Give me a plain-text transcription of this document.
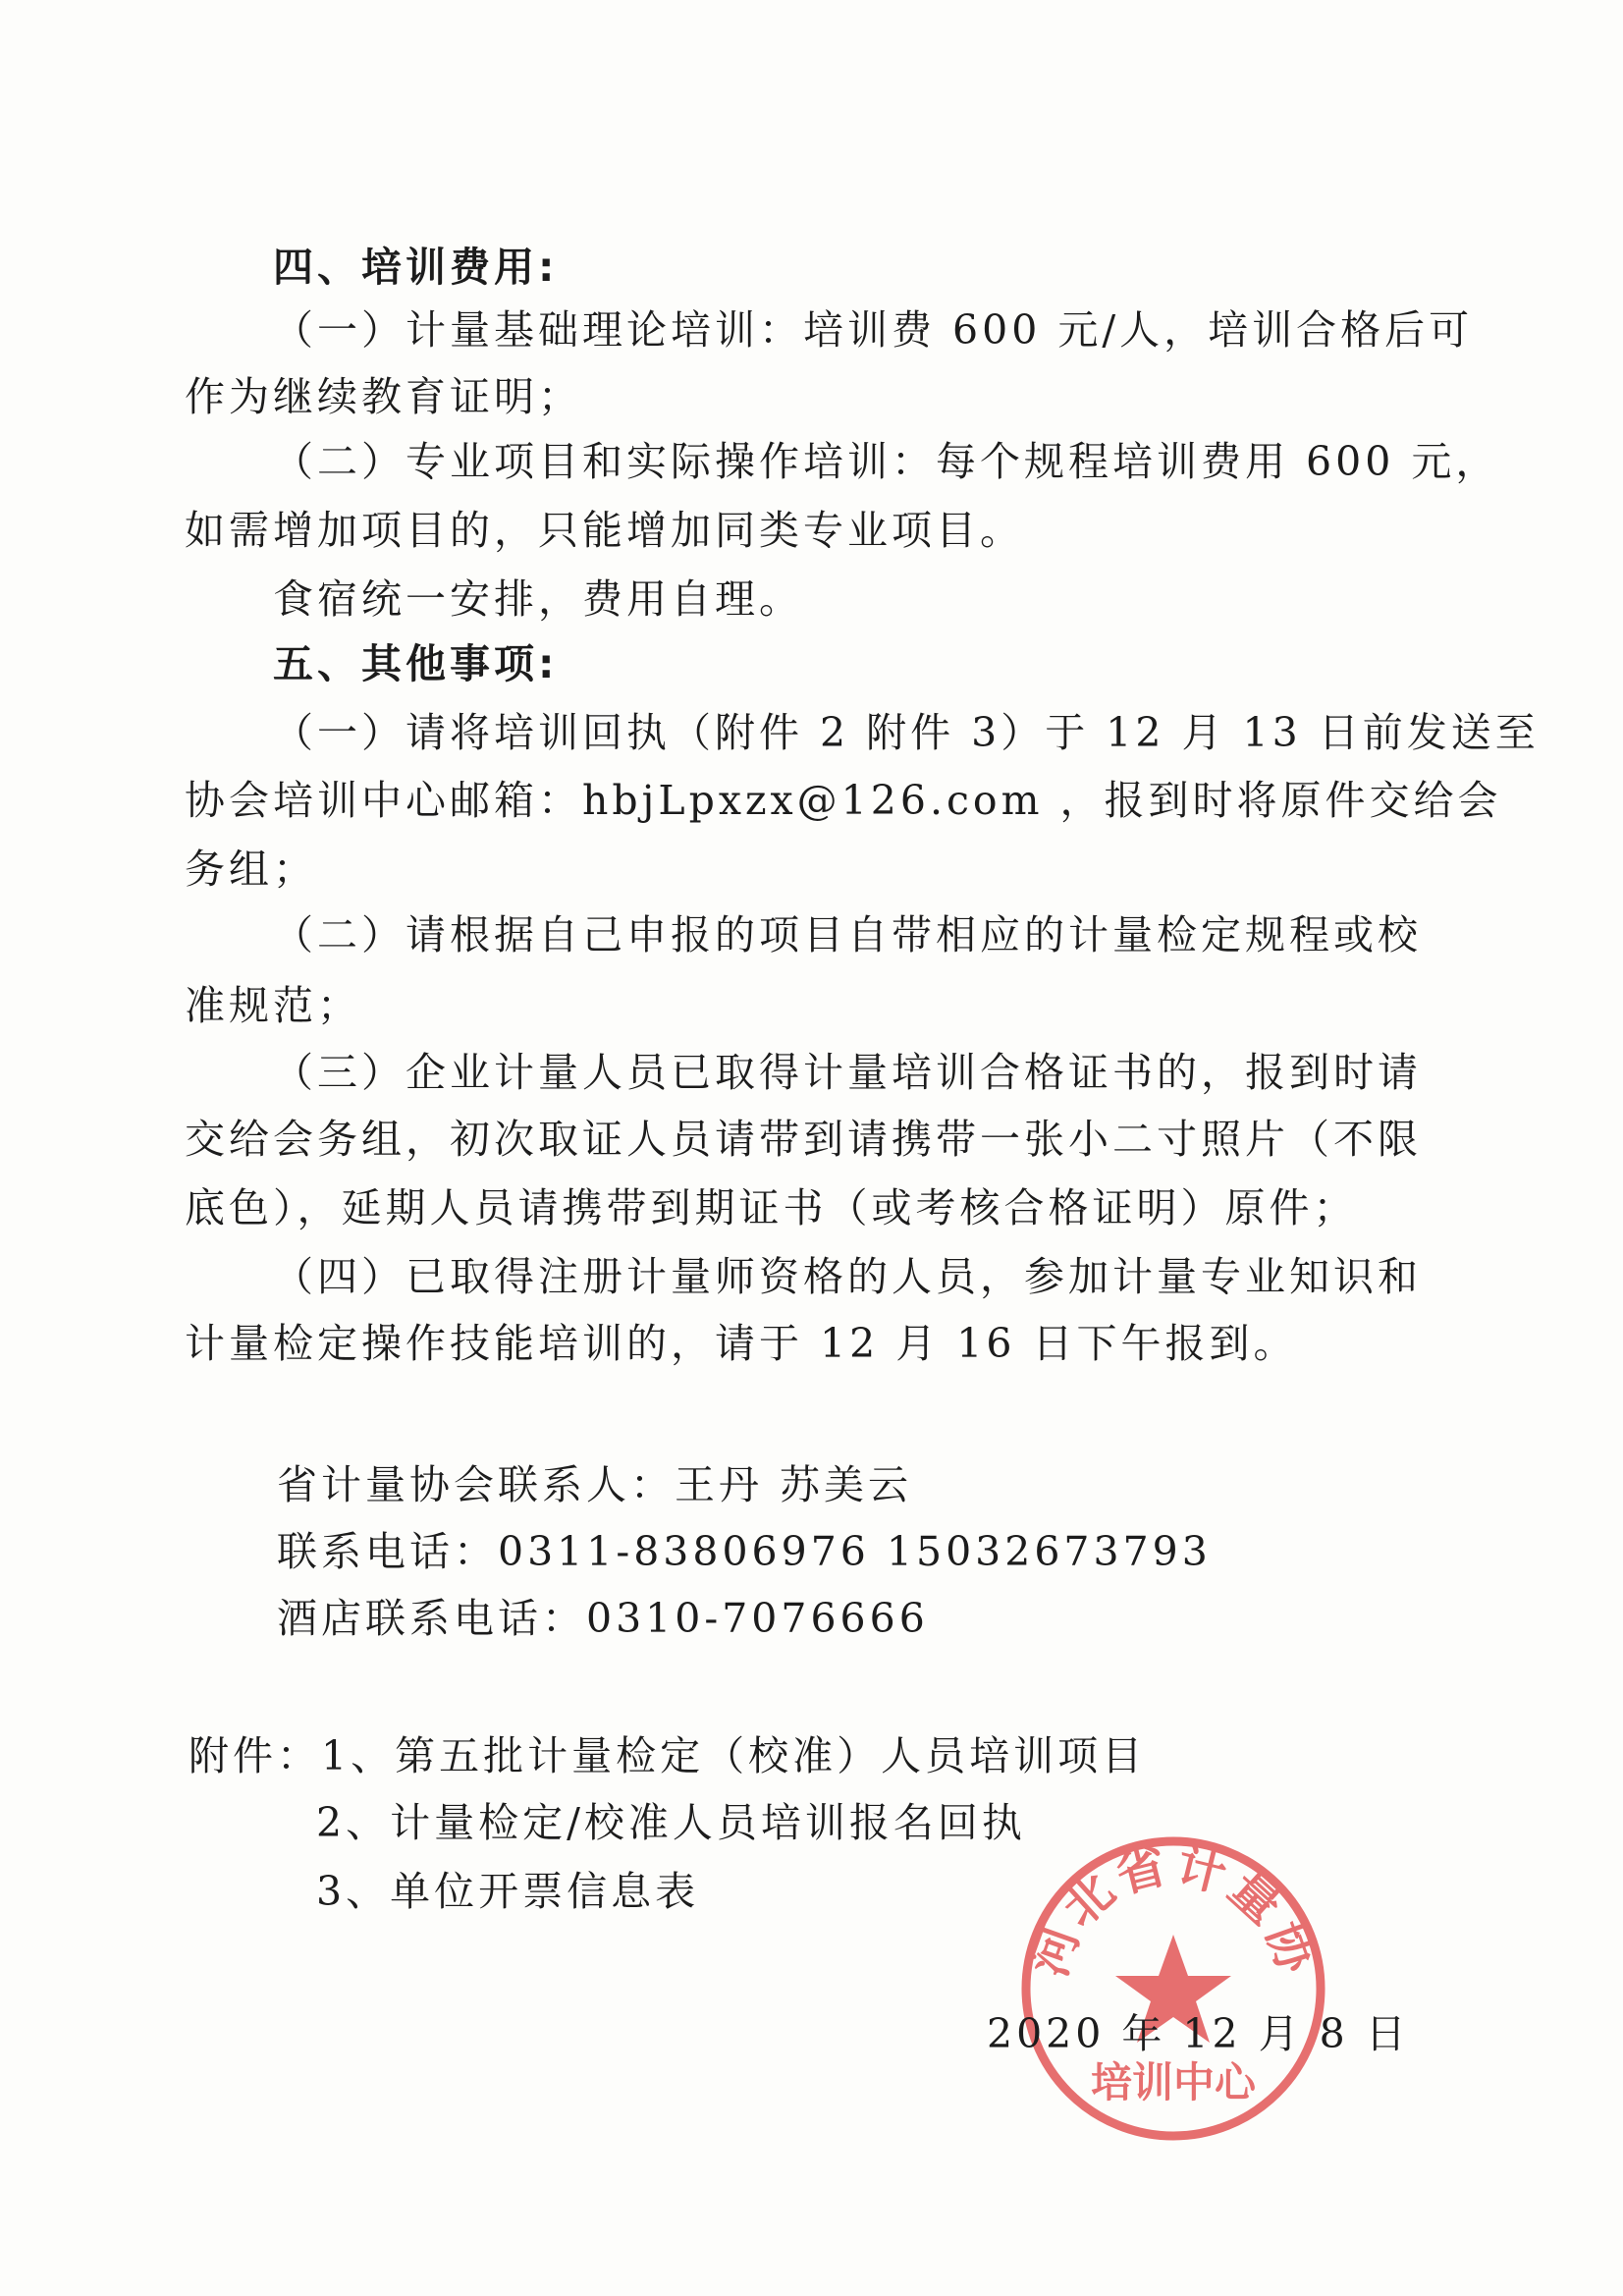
四、培训费用:
（一）计量基础理论培训：培训费 600 元/人，培训合格后可
作为继续教育证明；
（二）专业项目和实际操作培训：每个规程培训费用 600 元，
如需增加项目的，只能增加同类专业项目。
食宿统一安排，费用自理。
五、其他事项:
（一）请将培训回执（附件 2 附件 3）于 12 月 13 日前发送至
协会培训中心邮箱：hbjLpxzx@126.com ，报到时将原件交给会
务组；
（二）请根据自己申报的项目自带相应的计量检定规程或校
准规范；
（三）企业计量人员已取得计量培训合格证书的，报到时请
交给会务组，初次取证人员请带到请携带一张小二寸照片（不限
底色），延期人员请携带到期证书（或考核合格证明）原件；
（四）已取得注册计量师资格的人员，参加计量专业知识和
计量检定操作技能培训的，请于 12 月 16 日下午报到。
省计量协会联系人：王丹 苏美云
联系电话：0311-83806976 15032673793
酒店联系电话：0310-7076666
附件：1、第五批计量检定（校准）人员培训项目
2、计量检定/校准人员培训报名回执
3、单位开票信息表
河北省计量协
培训中心
2020 年 12 月 8 日
